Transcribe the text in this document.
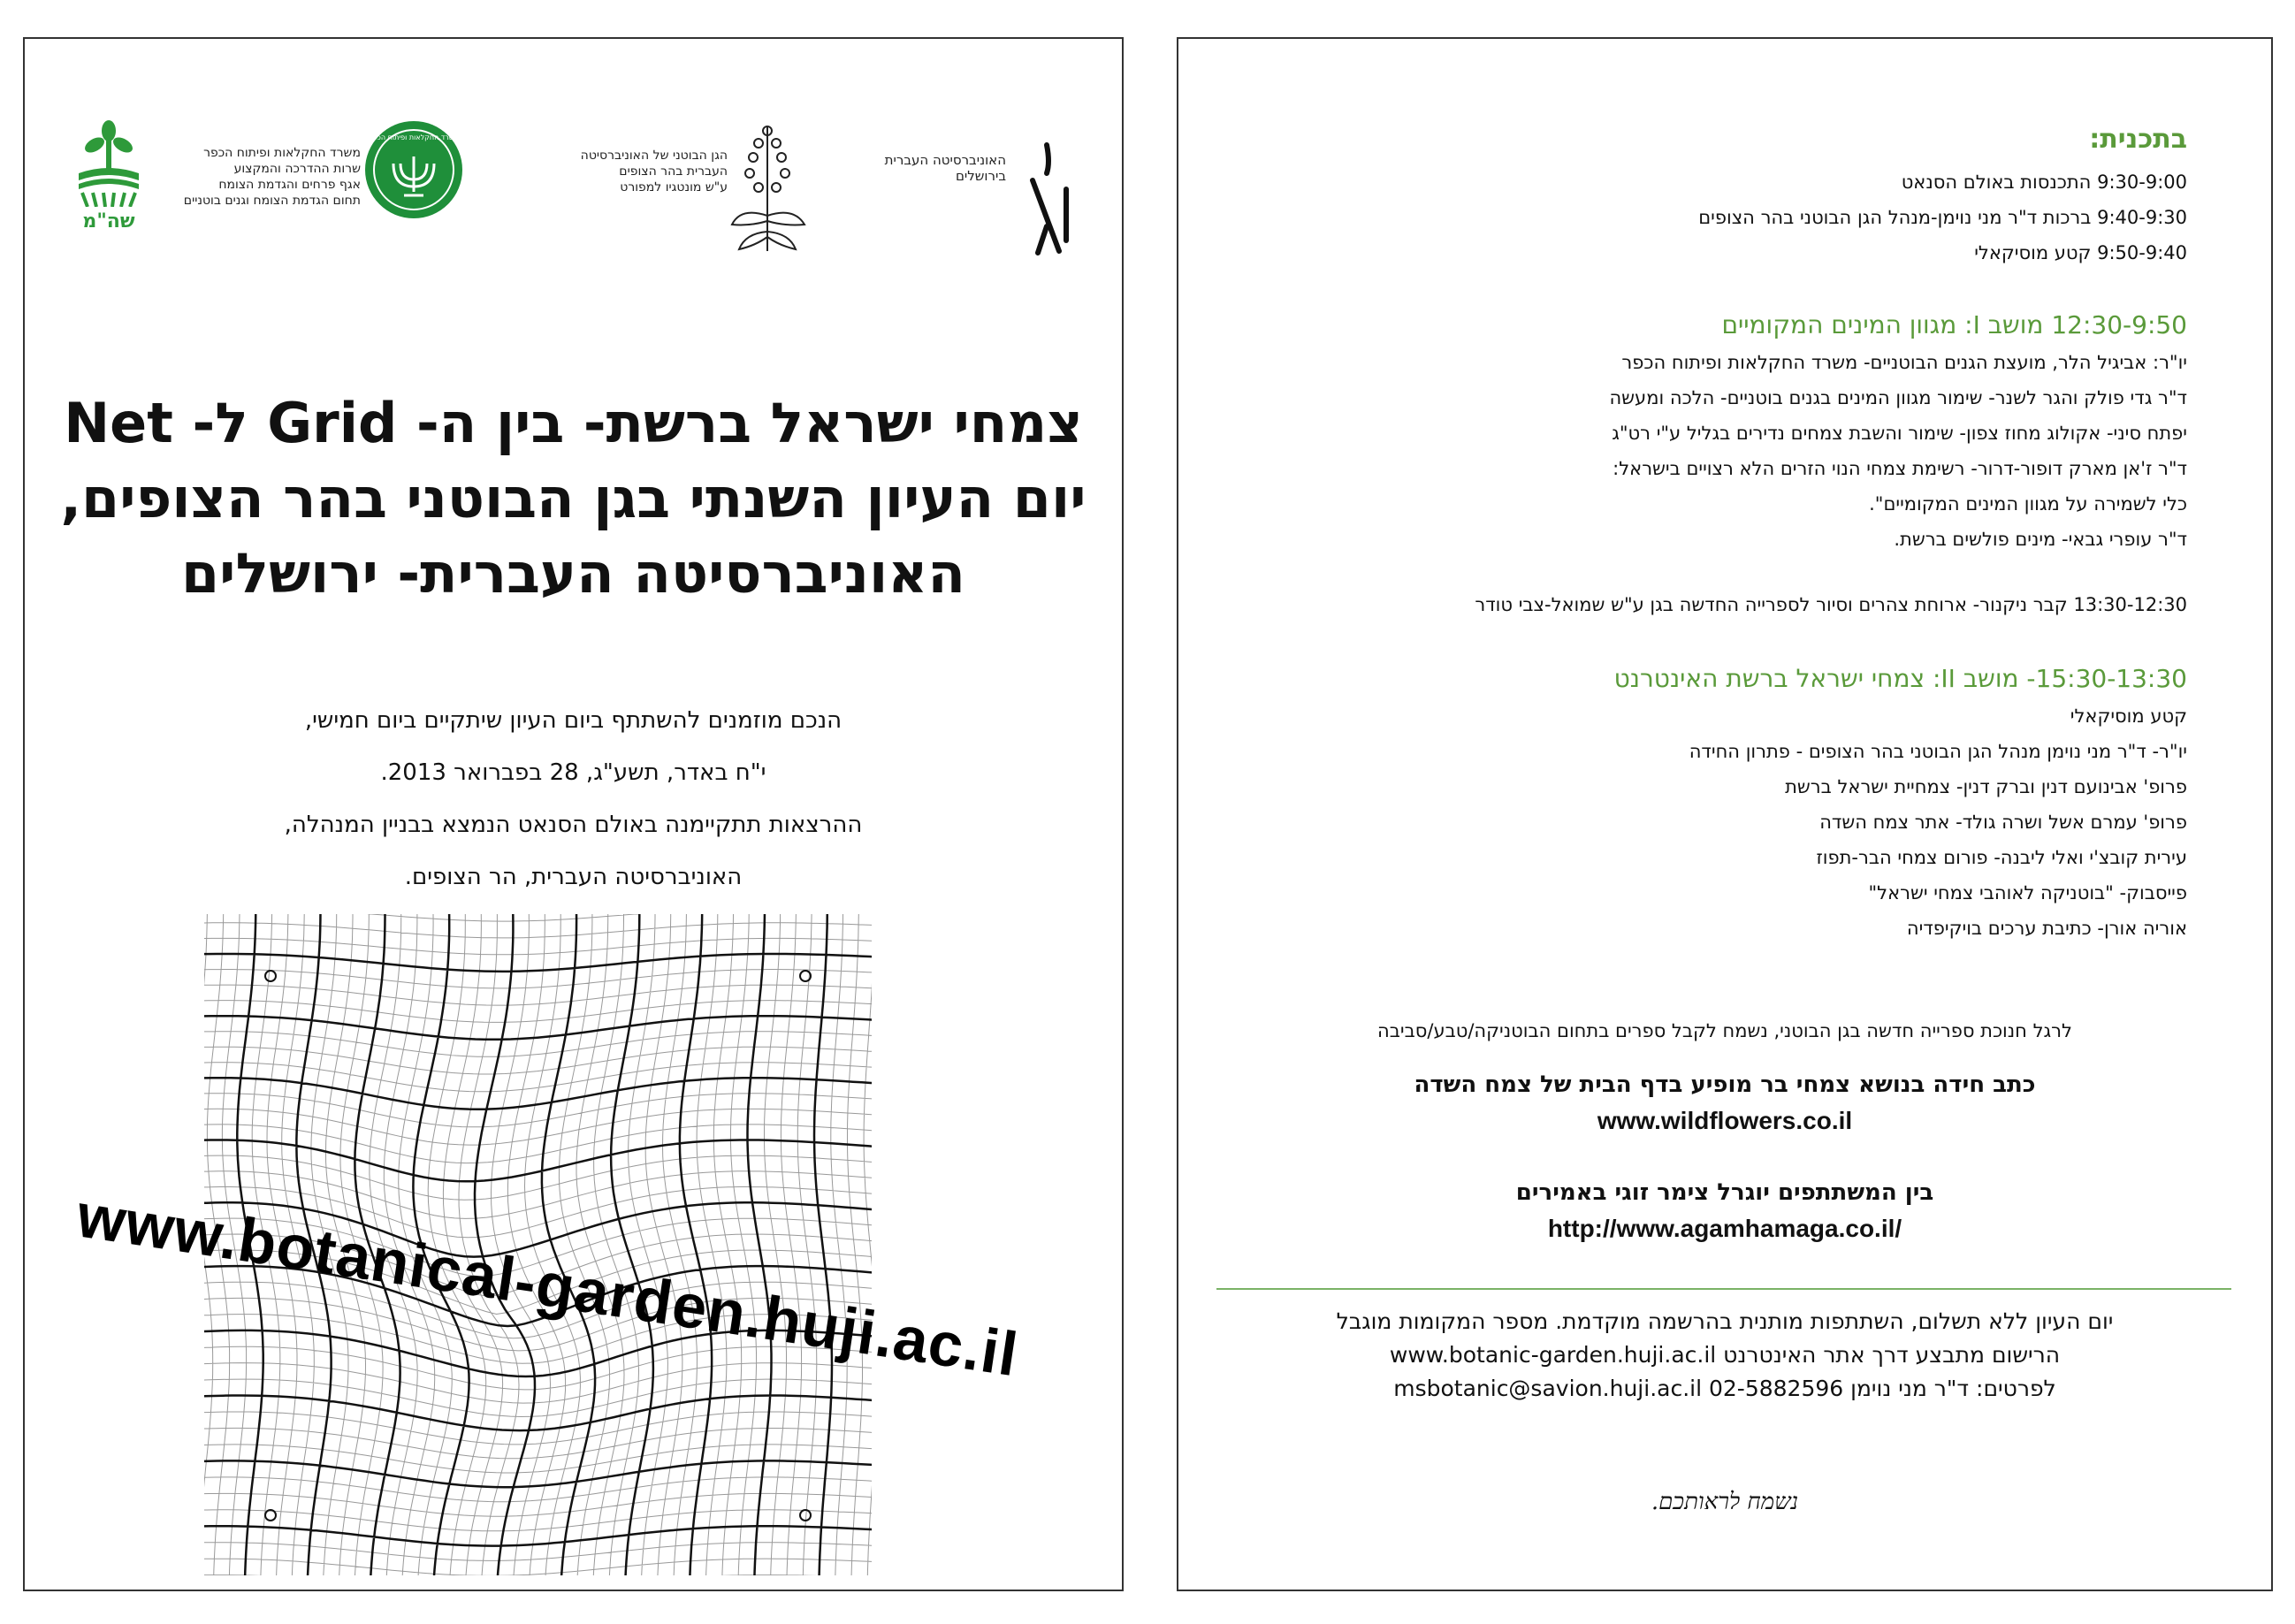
שה"מ
משרד החקלאות ופיתוח הכפר
שרות ההדרכה והמקצוע
אגף פרחים והגדמת הצומח
תחום הגדמת הצומח וגנים בוטניים
משרד החקלאות ופיתוח הכפר
הגן הבוטני של האוניברסיטה
העברית בהר הצופים
ע"ש מונטגיו למפורט
האוניברסיטה העברית
בירושלים
צמחי ישראל ברשת- בין ה- Grid ל- Net
יום העיון השנתי בגן הבוטני בהר הצופים,
האוניברסיטה העברית- ירושלים
הנכם מוזמנים להשתתף ביום העיון שיתקיים ביום חמישי,
י"ח באדר, תשע"ג, 28 בפברואר 2013.
ההרצאות תתקיימנה באולם הסנאט הנמצא בבניין המנהלה,
האוניברסיטה העברית, הר הצופים.
www.botanical-garden.huji.ac.il
בתכנית:
9:30-9:00 התכנסות באולם הסנאט
9:40-9:30 ברכות ד"ר מני נוימן-מנהל הגן הבוטני בהר הצופים
9:50-9:40 קטע מוסיקאלי
12:30-9:50 מושב I: מגוון המינים המקומיים
יו"ר: אביגיל הלר, מועצת הגנים הבוטניים- משרד החקלאות ופיתוח הכפר
ד"ר גדי פולק והגר לשנר- שימור מגוון המינים בגנים בוטניים- הלכה ומעשה
יפתח סיני- אקולוג מחוז צפון- שימור והשבת צמחים נדירים בגליל ע"י רט"ג
ד"ר ז'אן מארק דופור-דרור- רשימת צמחי הנוי הזרים הלא רצויים בישראל:
כלי לשמירה על מגוון המינים המקומיים".
ד"ר עופרי גבאי- מינים פולשים ברשת.
13:30-12:30 קבר ניקנור- ארוחת צהרים וסיור לספרייה החדשה בגן ע"ש שמואל-צבי טודר
15:30-13:30- מושב II: צמחי ישראל ברשת האינטרנט
קטע מוסיקאלי
יו"ר- ד"ר מני נוימן מנהל הגן הבוטני בהר הצופים - פתרון החידה
פרופ' אבינועם דנין וברק דנין- צמחיית ישראל ברשת
פרופ' עמרם אשל ושרה גולד- אתר צמח השדה
עירית קובצ'י ואלי ליבנה- פורום צמחי הבר-תפוז
פייסבוק- "בוטניקה לאוהבי צמחי ישראל"
אוריה אורן- כתיבת ערכים בויקיפדיה
לרגל חנוכת ספרייה חדשה בגן הבוטני, נשמח לקבל ספרים בתחום הבוטניקה/טבע/סביבה
כתב חידה בנושא צמחי בר מופיע בדף הבית של צמח השדה
www.wildflowers.co.il
בין המשתתפים יוגרל צימר זוגי באמירים
http://www.agamhamaga.co.il/
יום העיון ללא תשלום, השתתפות מותנית בהרשמה מוקדמת. מספר המקומות מוגבל
הרישום מתבצע דרך אתר האינטרנט www.botanic-garden.huji.ac.il
לפרטים: ד"ר מני נוימן 02-5882596 msbotanic@savion.huji.ac.il
נשמח לראותכם.
